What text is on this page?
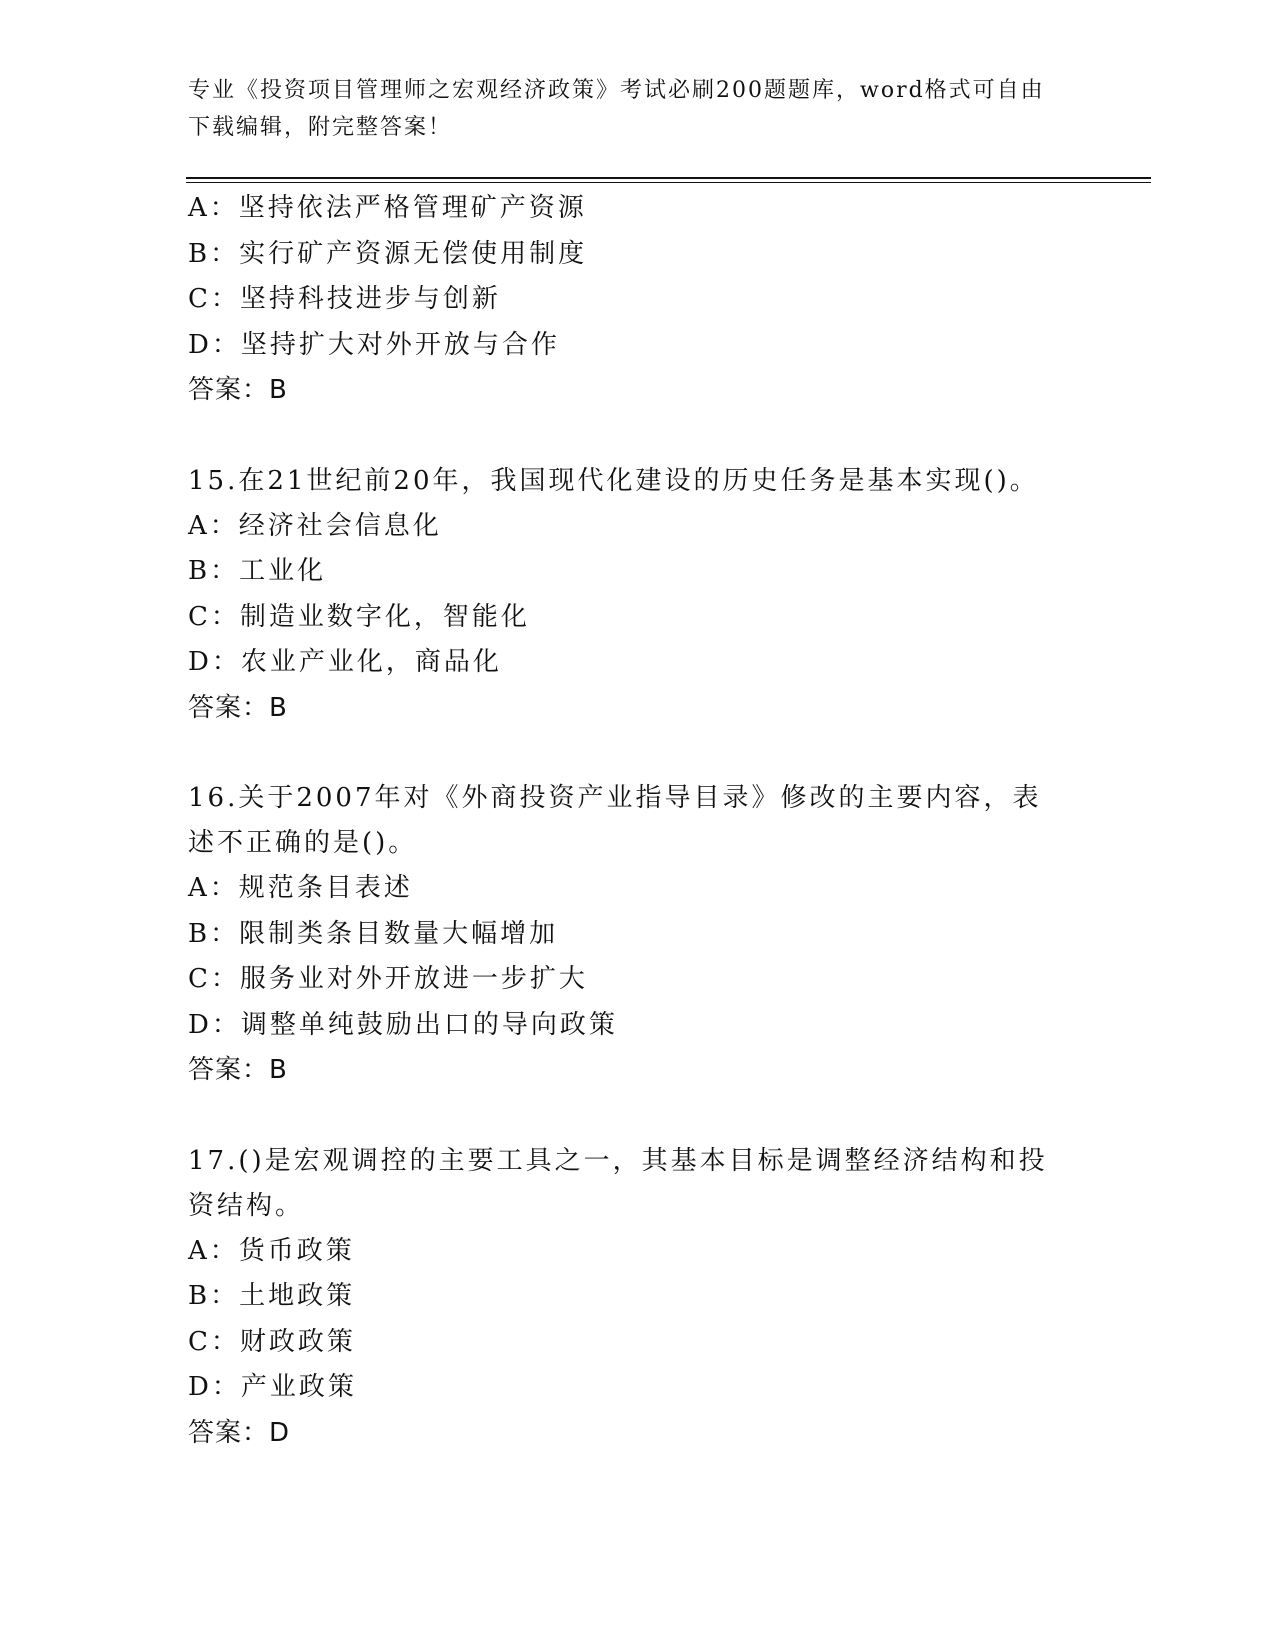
专业《投资项目管理师之宏观经济政策》考试必刷200题题库，word格式可自由下载编辑，附完整答案！
A：坚持依法严格管理矿产资源
B：实行矿产资源无偿使用制度
C：坚持科技进步与创新
D：坚持扩大对外开放与合作
答案：B
15.在21世纪前20年，我国现代化建设的历史任务是基本实现()。
A：经济社会信息化
B：工业化
C：制造业数字化，智能化
D：农业产业化，商品化
答案：B
16.关于2007年对《外商投资产业指导目录》修改的主要内容，表述不正确的是()。
A：规范条目表述
B：限制类条目数量大幅增加
C：服务业对外开放进一步扩大
D：调整单纯鼓励出口的导向政策
答案：B
17.()是宏观调控的主要工具之一，其基本目标是调整经济结构和投资结构。
A：货币政策
B：土地政策
C：财政政策
D：产业政策
答案：D
